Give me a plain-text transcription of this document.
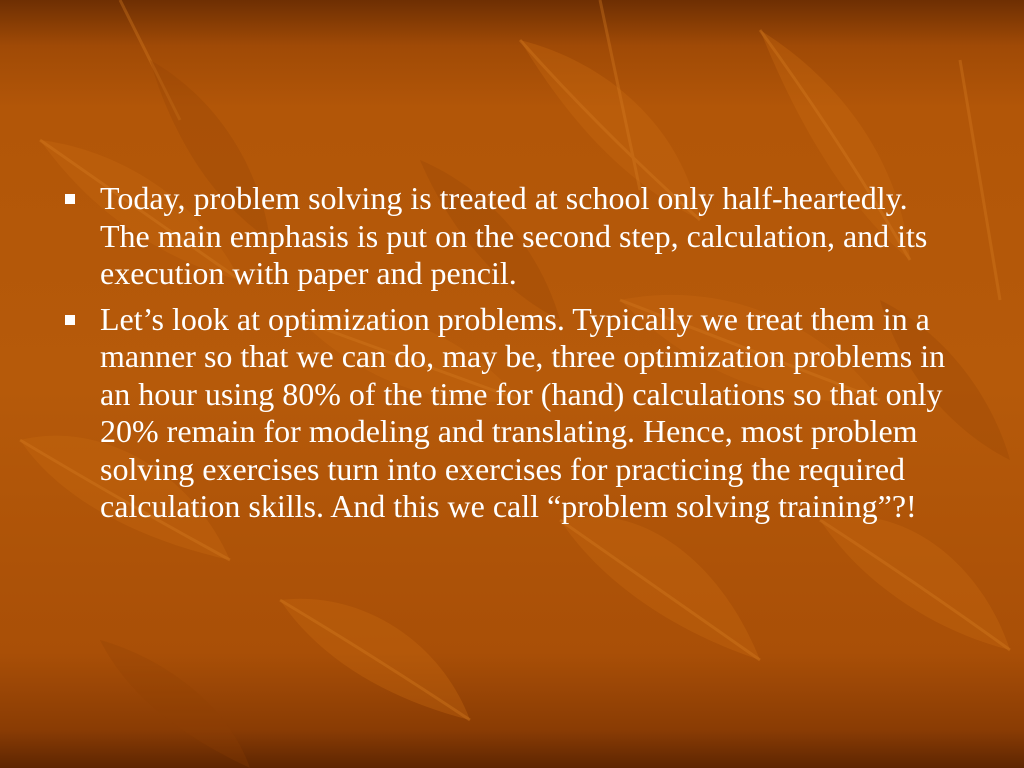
Today, problem solving is treated at school only half-heartedly. The main emphasis is put on the second step, calculation, and its execution with paper and pencil.
Let’s look at optimization problems. Typically we treat them in a manner so that we can do, may be, three optimization problems in an hour using 80% of the time for (hand) calculations so that only 20% remain for modeling and translating. Hence, most problem solving exercises turn into exercises for practicing the required calculation skills. And this we call “problem solving training”?!
